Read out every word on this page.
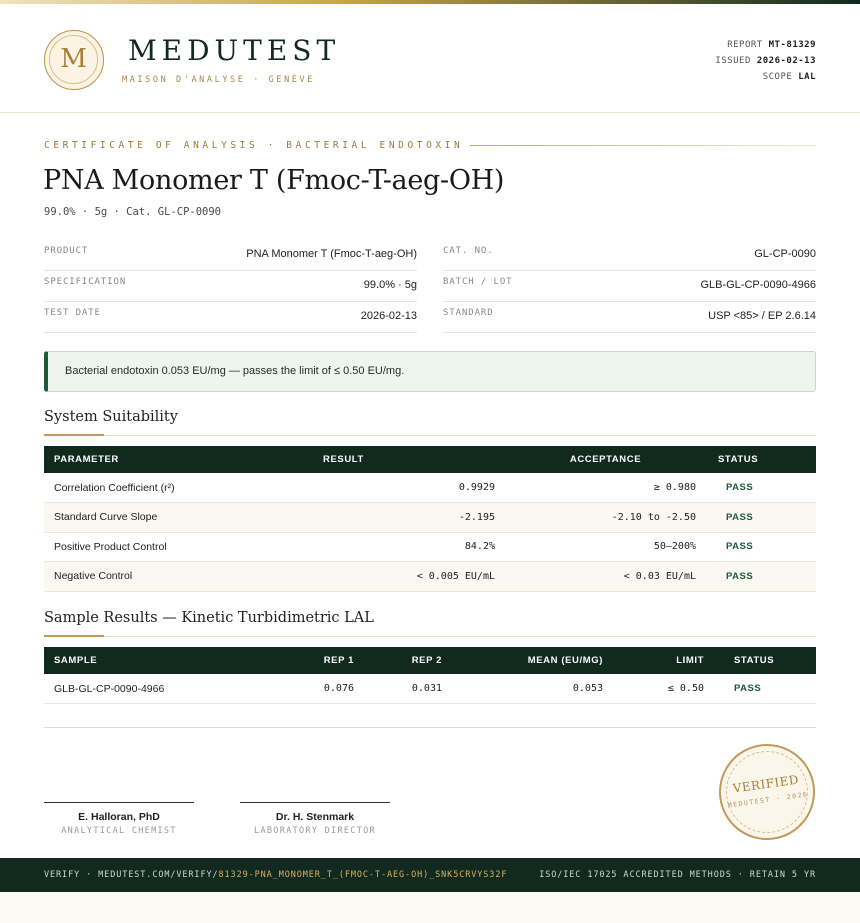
M	MEDUTEST
MAISON D'ANALYSE · GENÈVE
REPORT MT-81329
ISSUED 2026-02-13
SCOPE LAL
CERTIFICATE OF ANALYSIS · BACTERIAL ENDOTOXIN
PNA Monomer T (Fmoc-T-aeg-OH)
99.0% · 5g · Cat. GL-CP-0090
PRODUCT	PNA Monomer T (Fmoc-T-aeg-OH)
SPECIFICATION	99.0% · 5g
TEST DATE	2026-02-13
CAT. NO.	GL-CP-0090
BATCH / LOT	GLB-GL-CP-0090-4966
STANDARD	USP <85> / EP 2.6.14
Bacterial endotoxin 0.053 EU/mg — passes the limit of ≤ 0.50 EU/mg.
System Suitability
PARAMETER	RESULT	ACCEPTANCE	STATUS
Correlation Coefficient (r²)	0.9929	≥ 0.980	PASS
Standard Curve Slope	-2.195	-2.10 to -2.50	PASS
Positive Product Control	84.2%	50–200%	PASS
Negative Control	< 0.005 EU/mL	< 0.03 EU/mL	PASS
Sample Results — Kinetic Turbidimetric LAL
SAMPLE	REP 1	REP 2	MEAN (EU/MG)	LIMIT	STATUS
GLB-GL-CP-0090-4966	0.076	0.031	0.053	≤ 0.50	PASS
E. Halloran, PhD
ANALYTICAL CHEMIST
Dr. H. Stenmark
LABORATORY DIRECTOR
VERIFIED
MEDUTEST · 2026
VERIFY · MEDUTEST.COM/VERIFY/81329-PNA_MONOMER_T_(FMOC-T-AEG-OH)_SNK5CRVYS32F	ISO/IEC 17025 ACCREDITED METHODS · RETAIN 5 YR
